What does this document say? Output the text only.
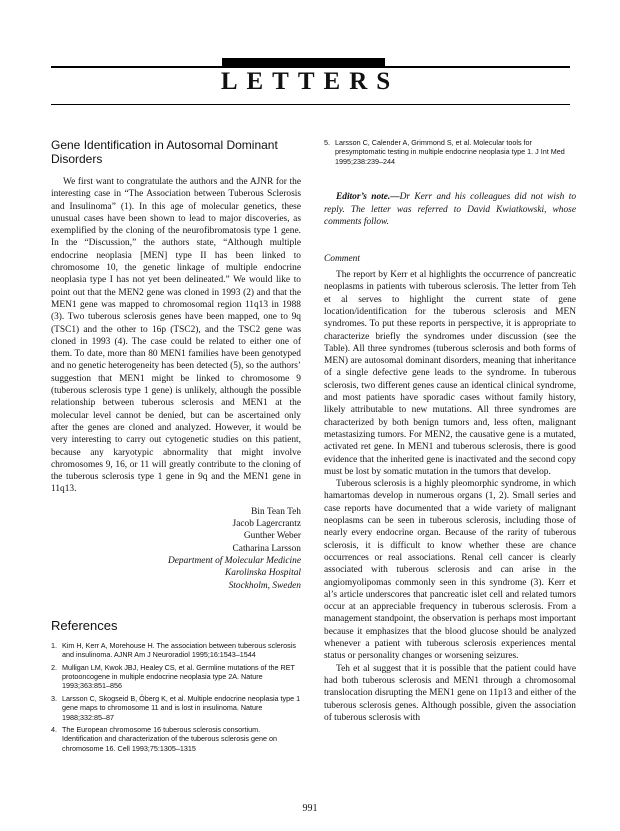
LETTERS
Gene Identification in Autosomal Dominant Disorders

We first want to congratulate the authors and the AJNR for the interesting case in “The Association between Tuberous Sclerosis and Insulinoma” (1). In this age of molecular genetics, these unusual cases have been shown to lead to major discoveries, as exemplified by the cloning of the neurofibromatosis type 1 gene. In the “Discussion,” the authors state, “Although multiple endocrine neoplasia [MEN] type II has been linked to chromosome 10, the genetic linkage of multiple endocrine neoplasia type I has not yet been delineated.” We would like to point out that the MEN2 gene was cloned in 1993 (2) and that the MEN1 gene was mapped to chromosomal region 11q13 in 1988 (3). Two tuberous sclerosis genes have been mapped, one to 9q (TSC1) and the other to 16p (TSC2), and the TSC2 gene was cloned in 1993 (4). The case could be related to either one of them. To date, more than 80 MEN1 families have been genotyped and no genetic heterogeneity has been detected (5), so the authors’ suggestion that MEN1 might be linked to chromosome 9 (tuberous sclerosis type 1 gene) is unlikely, although the possible relationship between tuberous sclerosis and MEN1 at the molecular level cannot be denied, but can be ascertained only after the genes are cloned and analyzed. However, it would be very interesting to carry out cytogenetic studies on this patient, because any karyotypic abnormality that might involve chromosomes 9, 16, or 11 will greatly contribute to the cloning of the tuberous sclerosis type 1 gene in 9q and the MEN1 gene in 11q13.

Bin Tean Teh

Jacob Lagercrantz

Gunther Weber

Catharina Larsson

Department of Molecular Medicine

Karolinska Hospital

Stockholm, Sweden

References
1. Kim H, Kerr A, Morehouse H. The association between tuberous sclerosis and insulinoma. AJNR Am J Neuroradiol 1995;16:1543–1544
2. Mulligan LM, Kwok JBJ, Healey CS, et al. Germline mutations of the RET protooncogene in multiple endocrine neoplasia type 2A. Nature 1993;363:851–856
3. Larsson C, Skogseid B, Öberg K, et al. Multiple endocrine neoplasia type 1 gene maps to chromosome 11 and is lost in insulinoma. Nature 1988;332:85–87
4. The European chromosome 16 tuberous sclerosis consortium. Identification and characterization of the tuberous sclerosis gene on chromosome 16. Cell 1993;75:1305–1315
5. Larsson C, Calender A, Grimmond S, et al. Molecular tools for presymptomatic testing in multiple endocrine neoplasia type 1. J Int Med 1995;238:239–244

Editor’s note.—Dr Kerr and his colleagues did not wish to reply. The letter was referred to David Kwiatkowski, whose comments follow.

Comment

The report by Kerr et al highlights the occurrence of pancreatic neoplasms in patients with tuberous sclerosis. The letter from Teh et al serves to highlight the current state of gene location/identification for the tuberous sclerosis and MEN syndromes. To put these reports in perspective, it is appropriate to characterize briefly the syndromes under discussion (see the Table). All three syndromes (tuberous sclerosis and both forms of MEN) are autosomal dominant disorders, meaning that inheritance of a single defective gene leads to the syndrome. In tuberous sclerosis, two different genes cause an identical clinical syndrome, and most patients have sporadic cases without family history, likely attributable to new mutations. All three syndromes are characterized by both benign tumors and, less often, malignant metastasizing tumors. For MEN2, the causative gene is a mutated, activated ret gene. In MEN1 and tuberous sclerosis, there is good evidence that the inherited gene is inactivated and the second copy must be lost by somatic mutation in the tumors that develop.

Tuberous sclerosis is a highly pleomorphic syndrome, in which hamartomas develop in numerous organs (1, 2). Small series and case reports have documented that a wide variety of malignant neoplasms can be seen in tuberous sclerosis, including those of nearly every endocrine organ. Because of the rarity of tuberous sclerosis, it is difficult to know whether these are chance occurrences or real associations. Renal cell cancer is clearly associated with tuberous sclerosis and can arise in the angiomyolipomas commonly seen in this syndrome (3). Kerr et al’s article underscores that pancreatic islet cell and related tumors occur at an appreciable frequency in tuberous sclerosis. From a management standpoint, the observation is perhaps most important because it emphasizes that the blood glucose should be analyzed whenever a patient with tuberous sclerosis experiences mental status or personality changes or worsening seizures.

Teh et al suggest that it is possible that the patient could have had both tuberous sclerosis and MEN1 through a chromosomal translocation disrupting the MEN1 gene on 11p13 and either of the tuberous sclerosis genes. Although possible, given the association of tuberous sclerosis with

991
